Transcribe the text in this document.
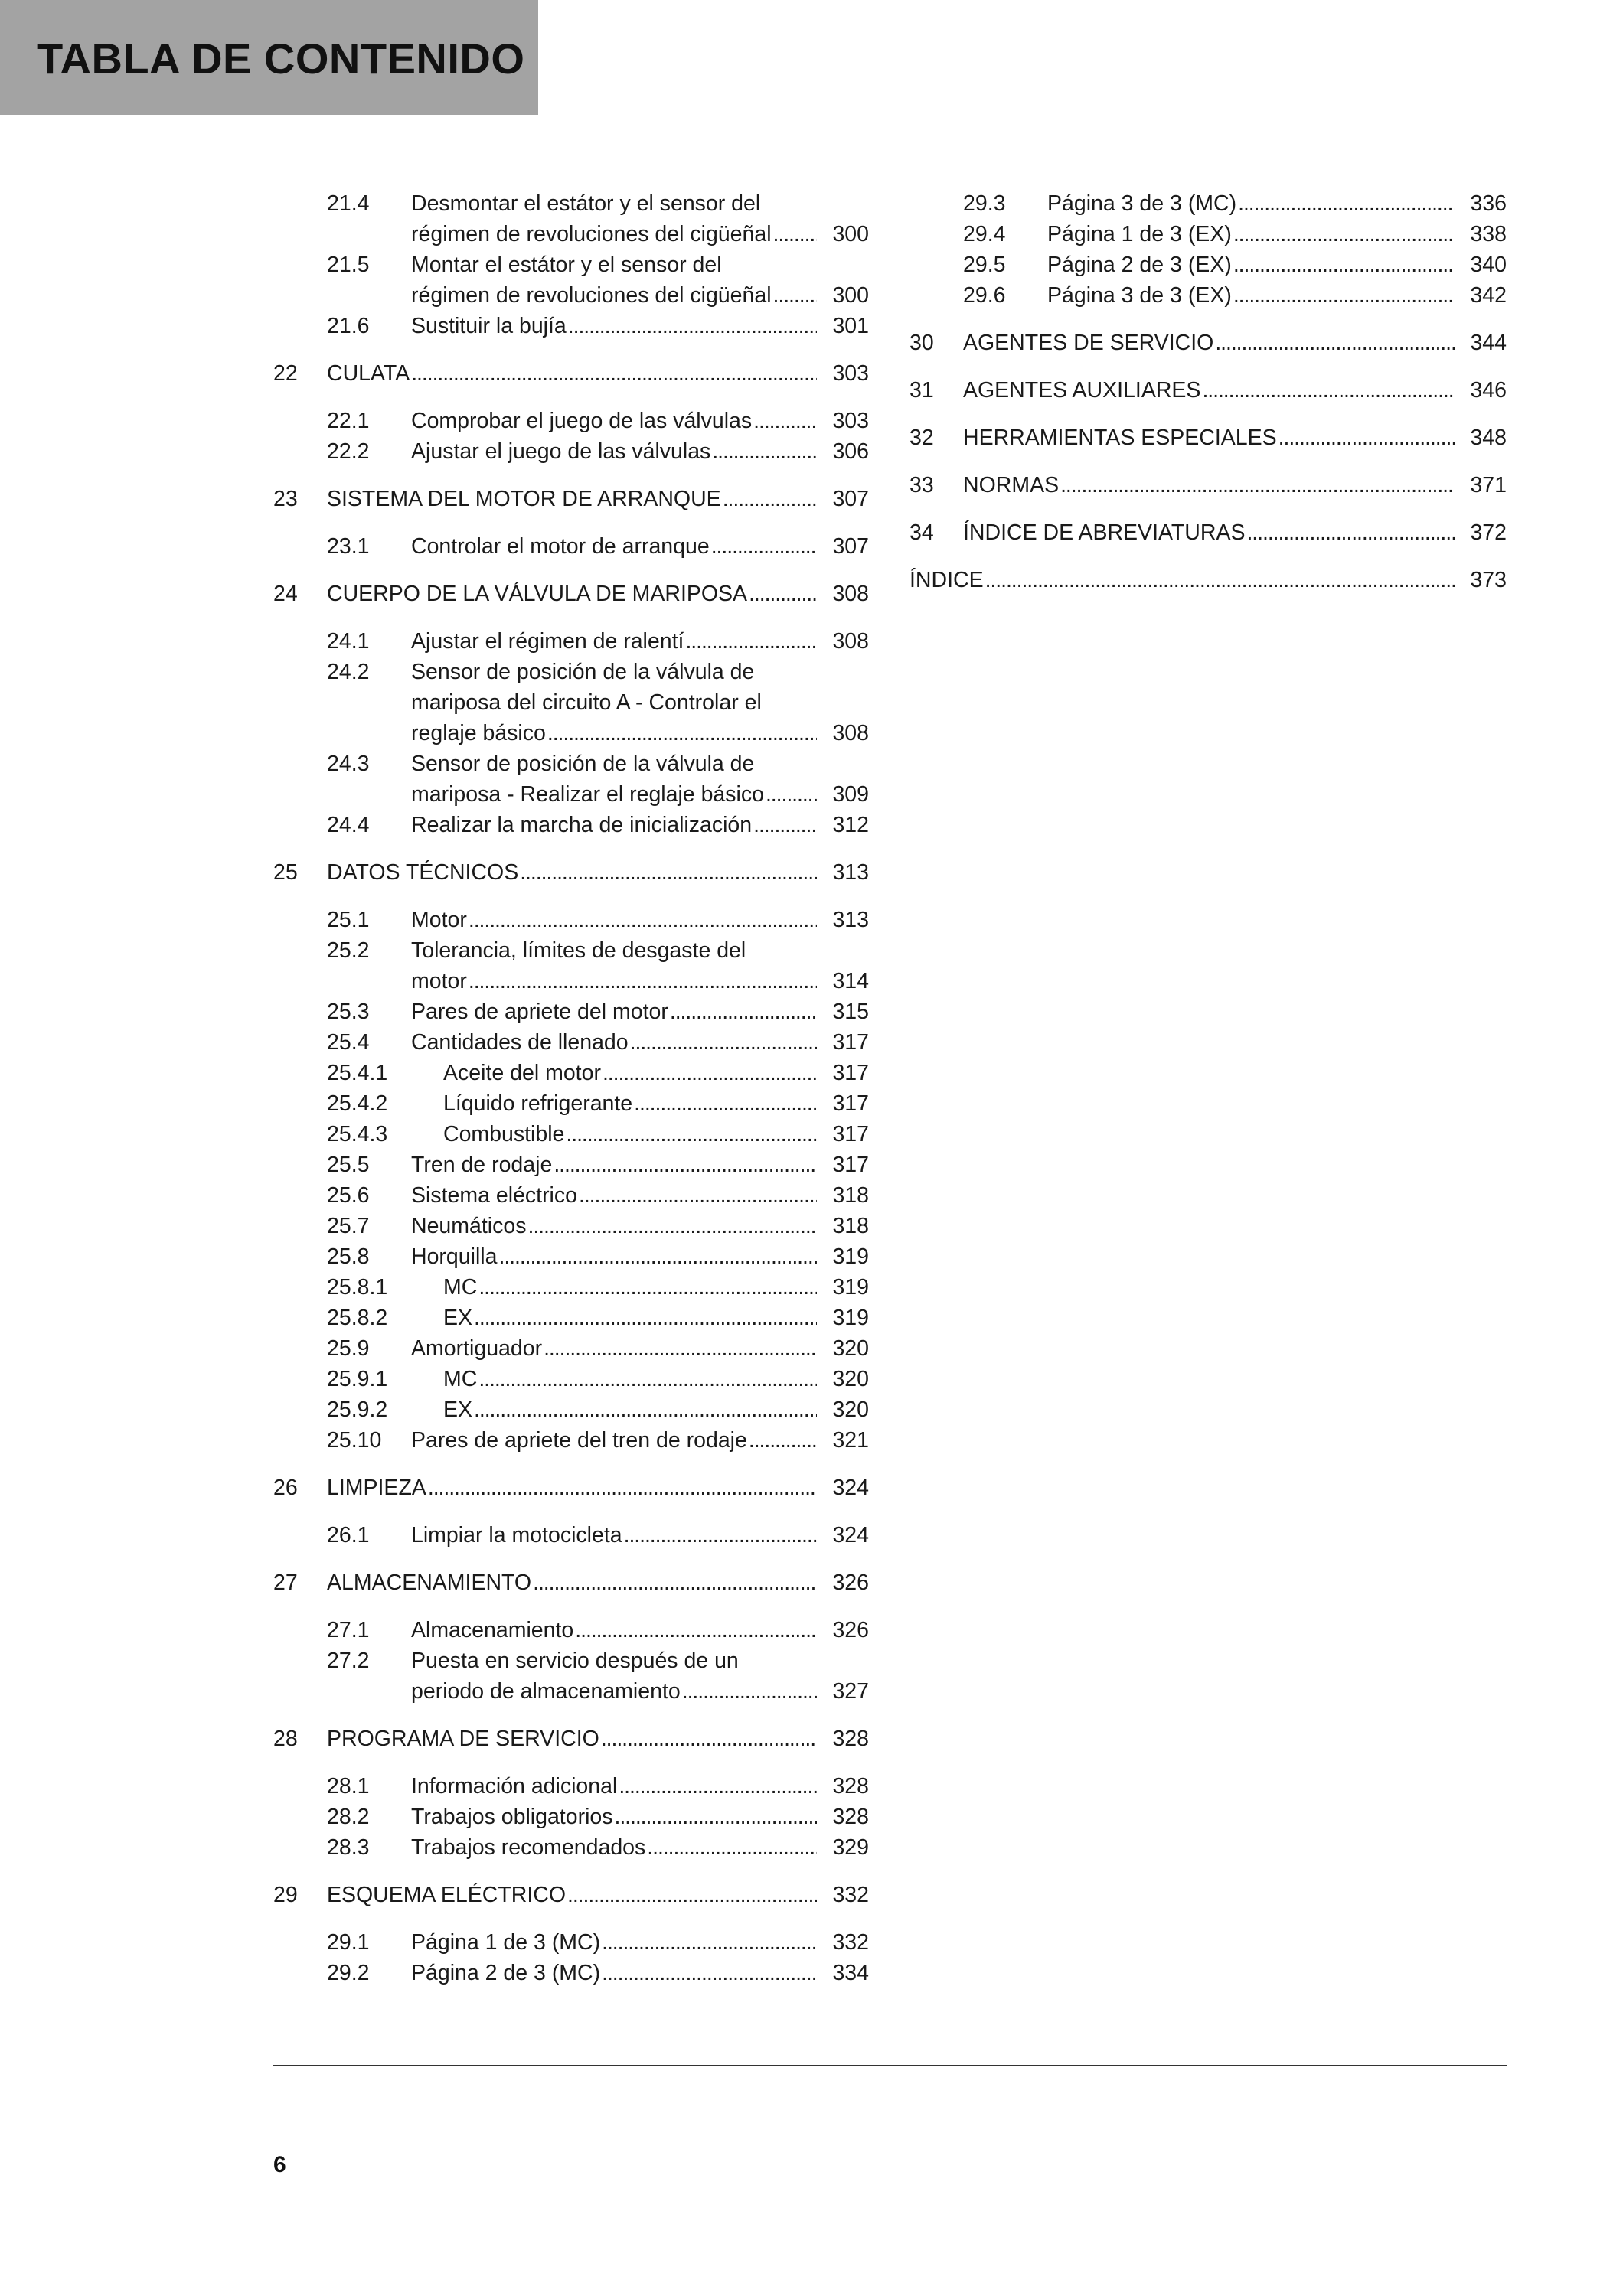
TABLA DE CONTENIDO
21.4 Desmontar el estátor y el sensor del
régimen de revoluciones del cigüeñal . . .	300
21.5 Montar el estátor y el sensor del
régimen de revoluciones del cigüeñal . . .	300
21.6 Sustituir la bujía . . .	301
22 CULATA . . .	303
22.1 Comprobar el juego de las válvulas . . .	303
22.2 Ajustar el juego de las válvulas . . .	306
23 SISTEMA DEL MOTOR DE ARRANQUE . . .	307
23.1 Controlar el motor de arranque . . .	307
24 CUERPO DE LA VÁLVULA DE MARIPOSA . . .	308
24.1 Ajustar el régimen de ralentí . . .	308
24.2 Sensor de posición de la válvula de
mariposa del circuito A - Controlar el
reglaje básico . . .	308
24.3 Sensor de posición de la válvula de
mariposa - Realizar el reglaje básico . . .	309
24.4 Realizar la marcha de inicialización . . .	312
25 DATOS TÉCNICOS . . .	313
25.1 Motor . . .	313
25.2 Tolerancia, límites de desgaste del
motor . . .	314
25.3 Pares de apriete del motor . . .	315
25.4 Cantidades de llenado . . .	317
25.4.1	Aceite del motor . . .	317
25.4.2	Líquido refrigerante . . .	317
25.4.3	Combustible . . .	317
25.5 Tren de rodaje . . .	317
25.6 Sistema eléctrico . . .	318
25.7 Neumáticos . . .	318
25.8 Horquilla . . .	319
25.8.1	MC . . .	319
25.8.2	EX . . .	319
25.9 Amortiguador . . .	320
25.9.1	MC . . .	320
25.9.2	EX . . .	320
25.10 Pares de apriete del tren de rodaje . . .	321
26 LIMPIEZA . . .	324
26.1 Limpiar la motocicleta . . .	324
27 ALMACENAMIENTO . . .	326
27.1 Almacenamiento . . .	326
27.2 Puesta en servicio después de un
periodo de almacenamiento . . .	327
28 PROGRAMA DE SERVICIO . . .	328
28.1 Información adicional . . .	328
28.2 Trabajos obligatorios . . .	328
28.3 Trabajos recomendados . . .	329
29 ESQUEMA ELÉCTRICO . . .	332
29.1 Página 1 de 3 (MC) . . .	332
29.2 Página 2 de 3 (MC) . . .	334
29.3 Página 3 de 3 (MC) . . .	336
29.4 Página 1 de 3 (EX) . . .	338
29.5 Página 2 de 3 (EX) . . .	340
29.6 Página 3 de 3 (EX) . . .	342
30 AGENTES DE SERVICIO . . .	344
31 AGENTES AUXILIARES . . .	346
32 HERRAMIENTAS ESPECIALES . . .	348
33 NORMAS . . .	371
34 ÍNDICE DE ABREVIATURAS . . .	372
ÍNDICE . . .	373
6
